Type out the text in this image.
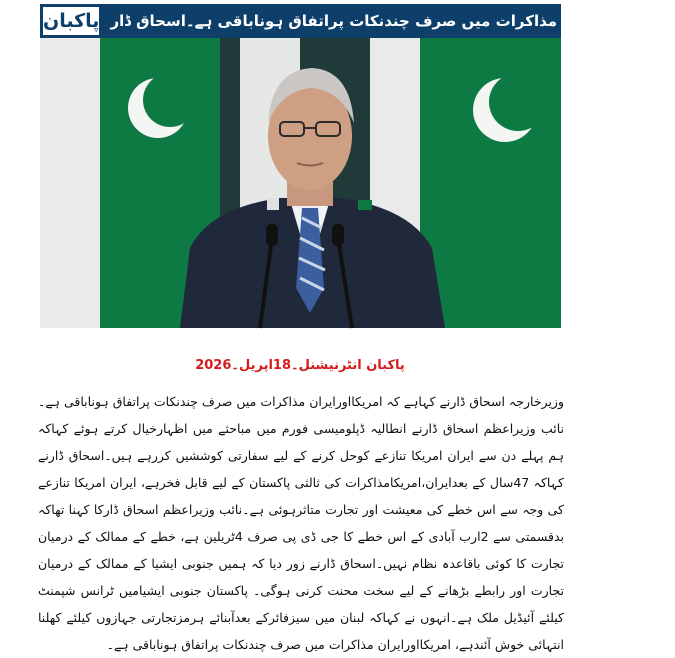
پاکبان امریکااورایران مذاکرات میں صرف چندنکات پراتفاق ہوناباقی ہے۔اسحاق ڈار
پاکبان انٹرنیشنل۔18اپریل۔2026
وزیرخارجہ اسحاق ڈارنے کہاہے کہ امریکااورایران مذاکرات میں صرف چندنکات پراتفاق ہوناباقی ہے۔نائب وزیراعظم اسحاق ڈارنے انطالیہ ڈپلومیسی فورم میں مباحثے میں اظہارخیال کرتے ہوئے کہاکہ ہم پہلے دن سے ایران امریکا تنازعے کوحل کرنے کے لیے سفارتی کوششیں کررہے ہیں۔اسحاق ڈارنے کہاکہ 47سال کے بعدایران،امریکامذاکرات کی ثالثی پاکستان کے لیے قابل فخرہے، ایران امریکا تنازعے کی وجہ سے اس خطے کی معیشت اور تجارت متاثرہوئی ہے۔نائب وزیراعظم اسحاق ڈارکا کہنا تھاکہ بدقسمتی سے 2ارب آبادی کے اس خطے کا جی ڈی پی صرف 4ٹریلین ہے، خطے کے ممالک کے درمیان تجارت کا کوئی باقاعدہ نظام نہیں۔اسحاق ڈارنے زور دیا کہ ہمیں جنوبی ایشیا کے ممالک کے درمیان تجارت اور رابطے بڑھانے کے لیے سخت محنت کرنی ہوگی۔ پاکستان جنوبی ایشیامیں ٹرانس شپمنٹ کیلئے آئیڈیل ملک ہے۔انہوں نے کہاکہ لبنان میں سیزفائرکے بعدآبنائے ہرمزتجارتی جہازوں کیلئے کھلنا انتہائی خوش آئندہے، امریکااورایران مذاکرات میں صرف چندنکات پراتفاق ہوناباقی ہے۔
